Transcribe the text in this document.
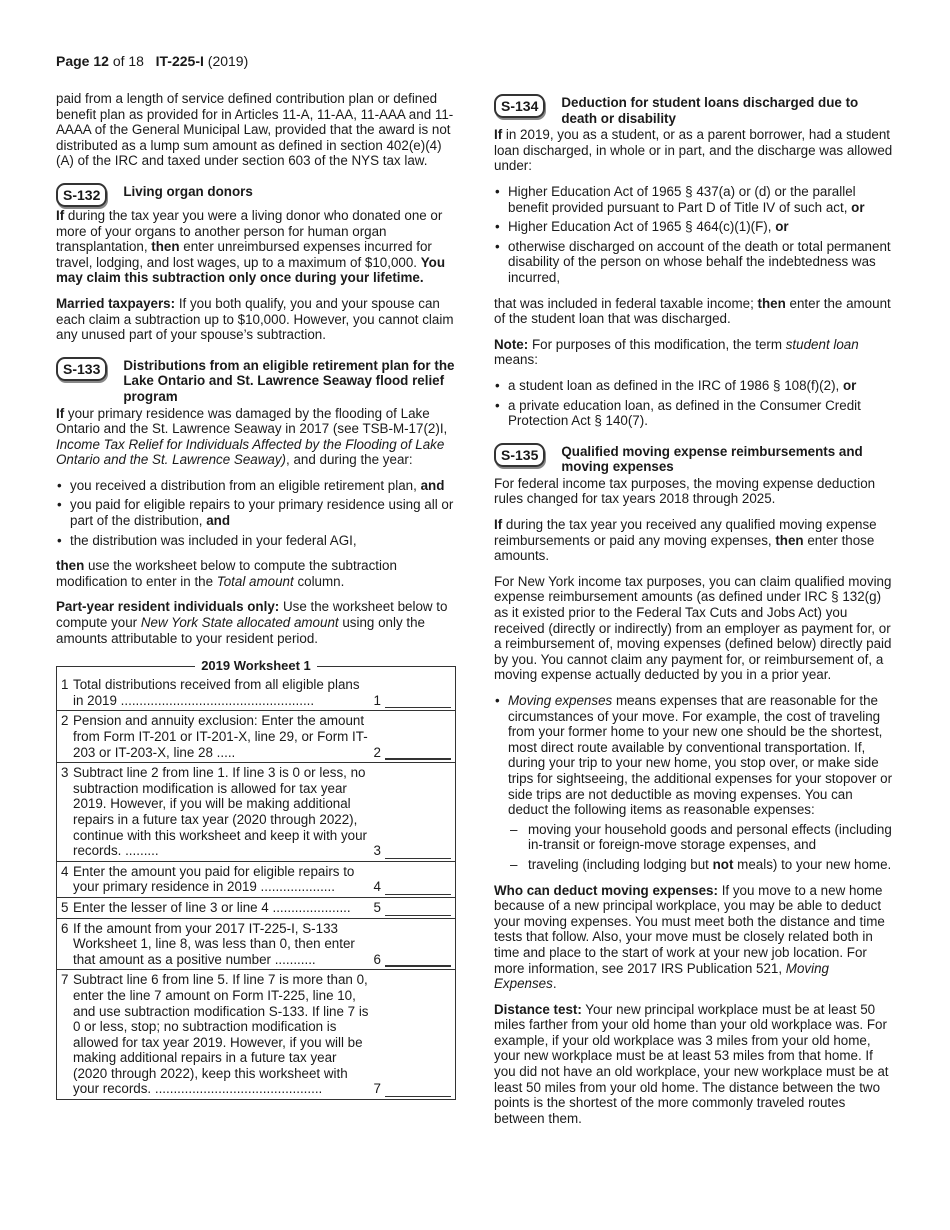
Page 12 of 18 IT-225-I (2019)

paid from a length of service defined contribution plan or defined benefit plan as provided for in Articles 11-A, 11-AA, 11-AAA and 11-AAAA of the General Municipal Law, provided that the award is not distributed as a lump sum amount as defined in section 402(e)(4)(A) of the IRC and taxed under section 603 of the NYS tax law.

S-132	Living organ donors

If during the tax year you were a living donor who donated one or more of your organs to another person for human organ transplantation, then enter unreimbursed expenses incurred for travel, lodging, and lost wages, up to a maximum of $10,000. You may claim this subtraction only once during your lifetime.

Married taxpayers: If you both qualify, you and your spouse can each claim a subtraction up to $10,000. However, you cannot claim any unused part of your spouse’s subtraction.

S-133	Distributions from an eligible retirement plan for the Lake Ontario and St. Lawrence Seaway flood relief program

If your primary residence was damaged by the flooding of Lake Ontario and the St. Lawrence Seaway in 2017 (see TSB-M-17(2)I, Income Tax Relief for Individuals Affected by the Flooding of Lake Ontario and the St. Lawrence Seaway), and during the year:

• you received a distribution from an eligible retirement plan, and
• you paid for eligible repairs to your primary residence using all or part of the distribution, and
• the distribution was included in your federal AGI,

then use the worksheet below to compute the subtraction modification to enter in the Total amount column.

Part-year resident individuals only: Use the worksheet below to compute your New York State allocated amount using only the amounts attributable to your resident period.

2019 Worksheet 1
1 Total distributions received from all eligible plans in 2019 ....................................................	1
2 Pension and annuity exclusion: Enter the amount from Form IT-201 or IT-201-X, line 29, or Form IT-203 or IT-203-X, line 28 .....	2
3 Subtract line 2 from line 1. If line 3 is 0 or less, no subtraction modification is allowed for tax year 2019. However, if you will be making additional repairs in a future tax year (2020 through 2022), continue with this worksheet and keep it with your records. .........	3
4 Enter the amount you paid for eligible repairs to your primary residence in 2019 ....................	4
5 Enter the lesser of line 3 or line 4 .....................	5
6 If the amount from your 2017 IT-225-I, S-133 Worksheet 1, line 8, was less than 0, then enter that amount as a positive number ...........	6
7 Subtract line 6 from line 5. If line 7 is more than 0, enter the line 7 amount on Form IT-225, line 10, and use subtraction modification S-133. If line 7 is 0 or less, stop; no subtraction modification is allowed for tax year 2019. However, if you will be making additional repairs in a future tax year (2020 through 2022), keep this worksheet with your records. .............................................	7
S-134	Deduction for student loans discharged due to death or disability

If in 2019, you as a student, or as a parent borrower, had a student loan discharged, in whole or in part, and the discharge was allowed under:

• Higher Education Act of 1965 § 437(a) or (d) or the parallel benefit provided pursuant to Part D of Title IV of such act, or
• Higher Education Act of 1965 § 464(c)(1)(F), or
• otherwise discharged on account of the death or total permanent disability of the person on whose behalf the indebtedness was incurred,

that was included in federal taxable income; then enter the amount of the student loan that was discharged.

Note: For purposes of this modification, the term student loan means:

• a student loan as defined in the IRC of 1986 § 108(f)(2), or
• a private education loan, as defined in the Consumer Credit Protection Act § 140(7).
S-135	Qualified moving expense reimbursements and moving expenses

For federal income tax purposes, the moving expense deduction rules changed for tax years 2018 through 2025.

If during the tax year you received any qualified moving expense reimbursements or paid any moving expenses, then enter those amounts.

For New York income tax purposes, you can claim qualified moving expense reimbursement amounts (as defined under IRC § 132(g) as it existed prior to the Federal Tax Cuts and Jobs Act) you received (directly or indirectly) from an employer as payment for, or a reimbursement of, moving expenses (defined below) directly paid by you. You cannot claim any payment for, or reimbursement of, a moving expense actually deducted by you in a prior year.

• Moving expenses means expenses that are reasonable for the circumstances of your move. For example, the cost of traveling from your former home to your new one should be the shortest, most direct route available by conventional transportation. If, during your trip to your new home, you stop over, or make side trips for sightseeing, the additional expenses for your stopover or side trips are not deductible as moving expenses. You can deduct the following items as reasonable expenses:
– moving your household goods and personal effects (including in-transit or foreign-move storage expenses, and
– traveling (including lodging but not meals) to your new home.

Who can deduct moving expenses: If you move to a new home because of a new principal workplace, you may be able to deduct your moving expenses. You must meet both the distance and time tests that follow. Also, your move must be closely related both in time and place to the start of work at your new job location. For more information, see 2017 IRS Publication 521, Moving Expenses.

Distance test: Your new principal workplace must be at least 50 miles farther from your old home than your old workplace was. For example, if your old workplace was 3 miles from your old home, your new workplace must be at least 53 miles from that home. If you did not have an old workplace, your new workplace must be at least 50 miles from your old home. The distance between the two points is the shortest of the more commonly traveled routes between them.
